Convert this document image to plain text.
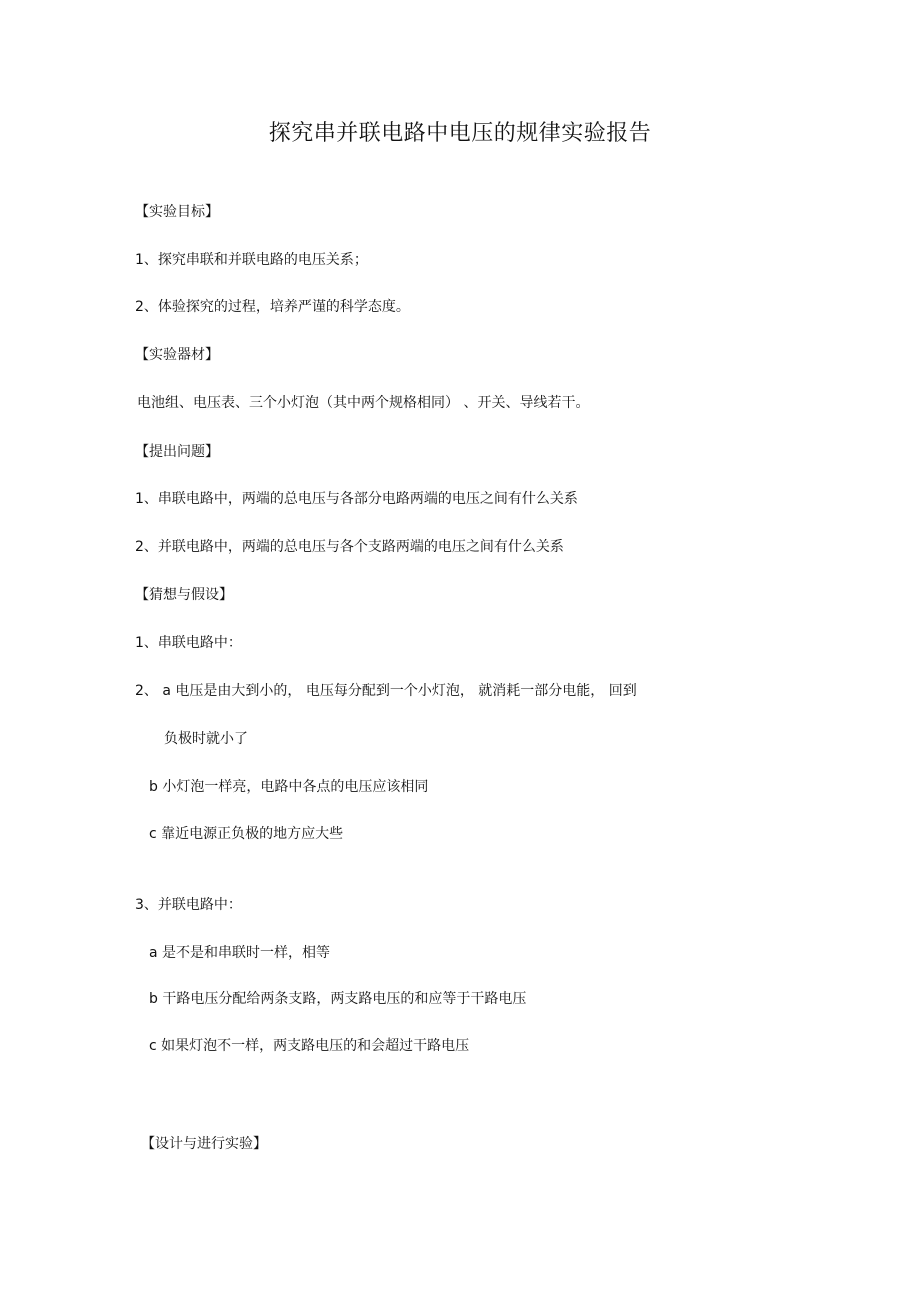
探究串并联电路中电压的规律实验报告
【实验目标】
1、探究串联和并联电路的电压关系；
2、体验探究的过程，培养严谨的科学态度。
【实验器材】
电池组、电压表、三个小灯泡（其中两个规格相同） 、开关、导线若干。
【提出问题】
1、串联电路中，两端的总电压与各部分电路两端的电压之间有什么关系
2、并联电路中，两端的总电压与各个支路两端的电压之间有什么关系
【猜想与假设】
1、串联电路中：
2、 a 电压是由大到小的， 电压每分配到一个小灯泡， 就消耗一部分电能， 回到
负极时就小了
b 小灯泡一样亮，电路中各点的电压应该相同
c 靠近电源正负极的地方应大些
3、并联电路中：
a 是不是和串联时一样，相等
b 干路电压分配给两条支路，两支路电压的和应等于干路电压
c 如果灯泡不一样，两支路电压的和会超过干路电压
【设计与进行实验】
